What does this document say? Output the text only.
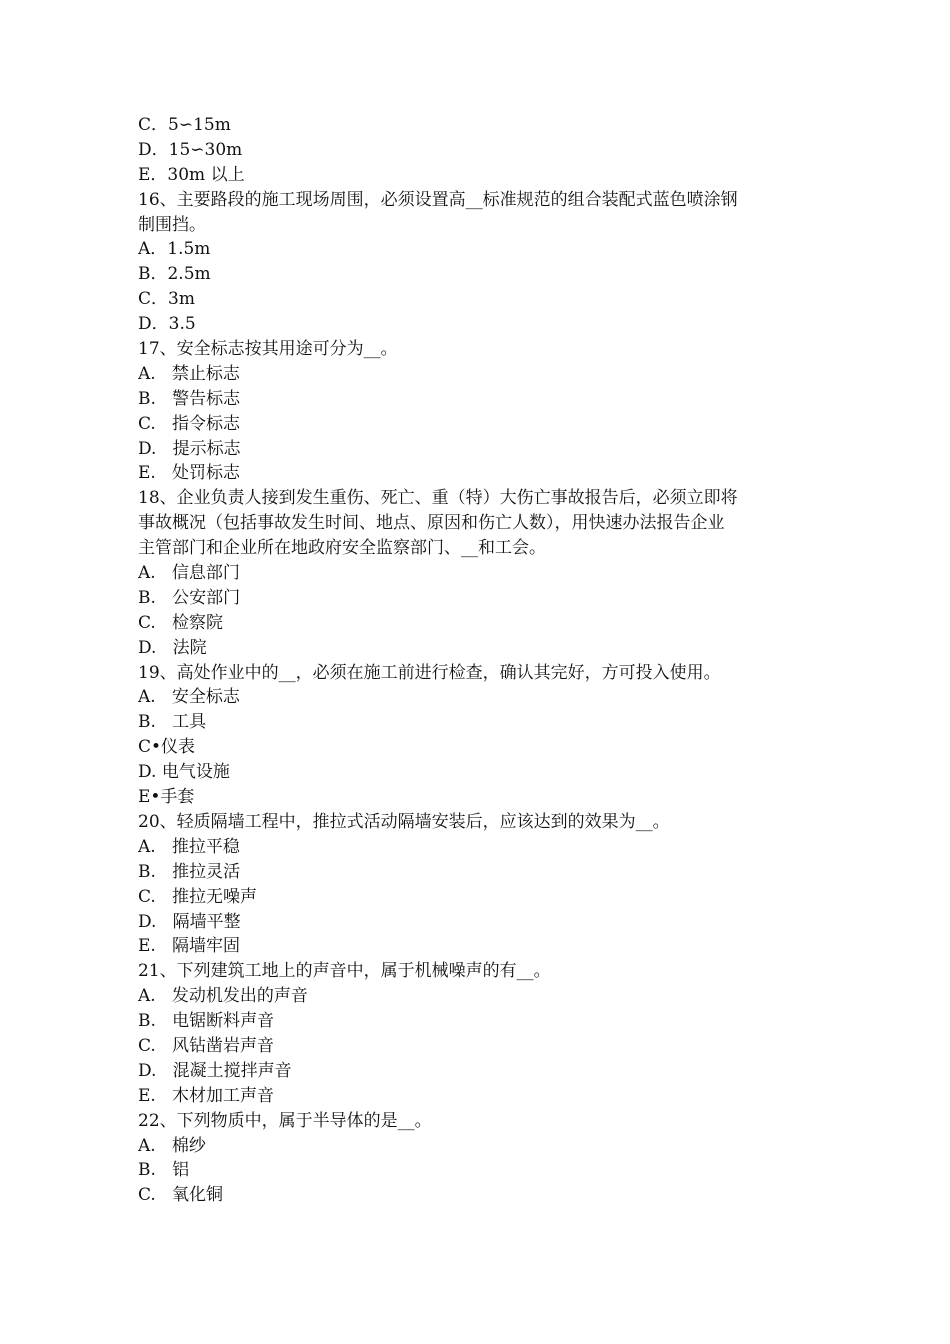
C．5∽15m
D．15∽30m
E．30m 以上
16、主要路段的施工现场周围，必须设置高__标准规范的组合装配式蓝色喷涂钢
制围挡。
A．1.5m
B．2.5m
C．3m
D．3.5
17、安全标志按其用途可分为__。
A.   禁止标志
B.   警告标志
C.   指令标志
D.   提示标志
E.   处罚标志
18、企业负责人接到发生重伤、死亡、重（特）大伤亡事故报告后，必须立即将
事故概况（包括事故发生时间、地点、原因和伤亡人数），用快速办法报告企业
主管部门和企业所在地政府安全监察部门、__和工会。
A.   信息部门
B.   公安部门
C.   检察院
D.   法院
19、高处作业中的__，必须在施工前进行检查，确认其完好，方可投入使用。
A.   安全标志
B.   工具
C•仪表
D. 电气设施
E•手套
20、轻质隔墙工程中，推拉式活动隔墙安装后，应该达到的效果为__。
A.   推拉平稳
B.   推拉灵活
C.   推拉无噪声
D.   隔墙平整
E.   隔墙牢固
21、下列建筑工地上的声音中，属于机械噪声的有__。
A.   发动机发出的声音
B.   电锯断料声音
C.   风钻凿岩声音
D.   混凝土搅拌声音
E.   木材加工声音
22、下列物质中，属于半导体的是__。
A.   棉纱
B.   铝
C.   氧化铜
